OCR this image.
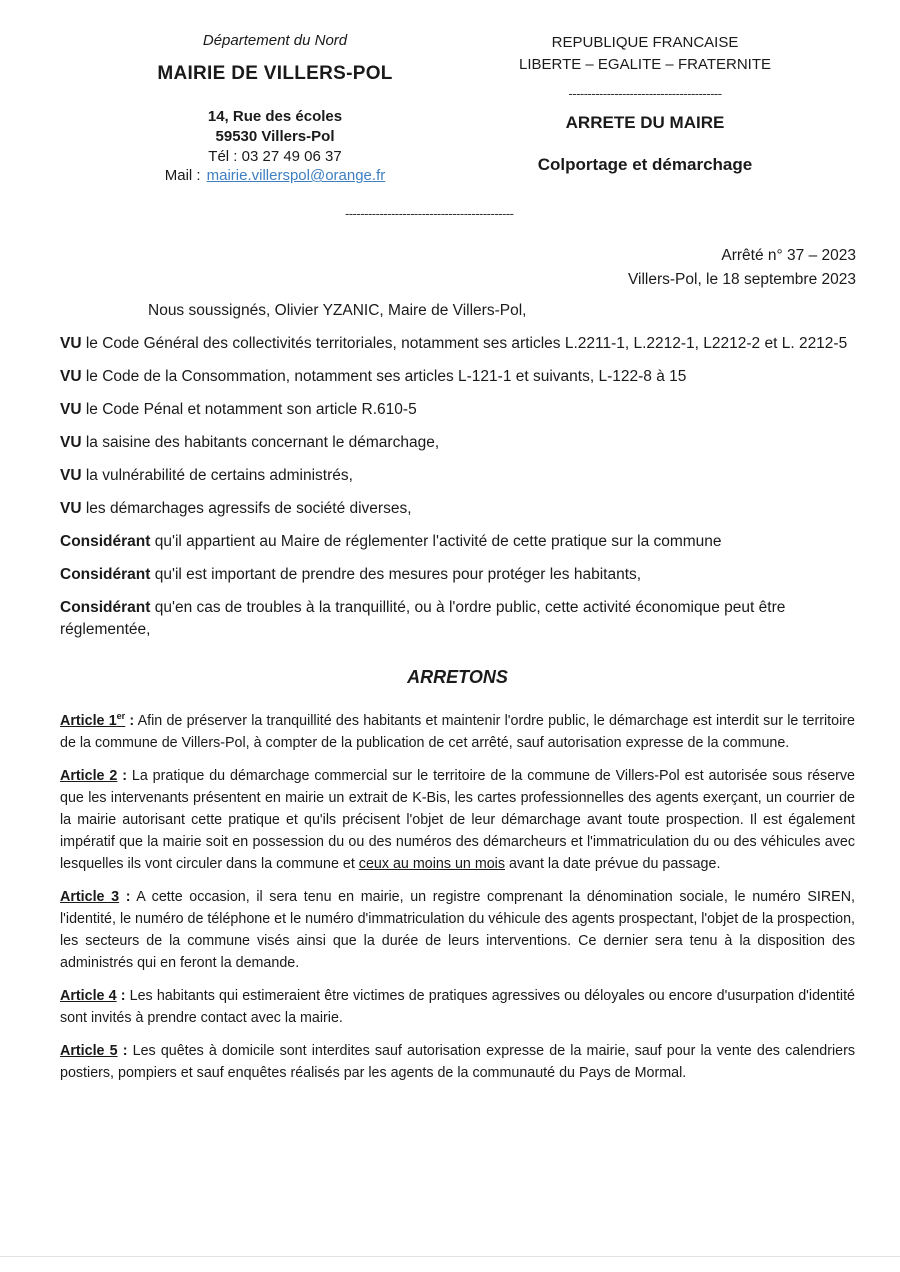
Département du Nord
MAIRIE DE VILLERS-POL
14, Rue des écoles
59530 Villers-Pol
Tél : 03 27 49 06 37
Mail : mairie.villerspol@orange.fr
REPUBLIQUE FRANCAISE
LIBERTE – EGALITE – FRATERNITE
----------------------------------------
ARRETE DU MAIRE
Colportage et démarchage
--------------------------------------------
Arrêté n° 37 – 2023
Villers-Pol, le 18 septembre 2023
Nous soussignés, Olivier YZANIC, Maire de Villers-Pol,
VU le Code Général des collectivités territoriales, notamment ses articles L.2211-1, L.2212-1, L2212-2 et L. 2212-5
VU le Code de la Consommation, notamment ses articles L-121-1 et suivants, L-122-8 à 15
VU le Code Pénal et notamment son article R.610-5
VU la saisine des habitants concernant le démarchage,
VU la vulnérabilité de certains administrés,
VU les démarchages agressifs de société diverses,
Considérant qu'il appartient au Maire de réglementer l'activité de cette pratique sur la commune
Considérant qu'il est important de prendre des mesures pour protéger les habitants,
Considérant qu'en cas de troubles à la tranquillité, ou à l'ordre public, cette activité économique peut être réglementée,
ARRETONS
Article 1er : Afin de préserver la tranquillité des habitants et maintenir l'ordre public, le démarchage est interdit sur le territoire de la commune de Villers-Pol, à compter de la publication de cet arrêté, sauf autorisation expresse de la commune.
Article 2 : La pratique du démarchage commercial sur le territoire de la commune de Villers-Pol est autorisée sous réserve que les intervenants présentent en mairie un extrait de K-Bis, les cartes professionnelles des agents exerçant, un courrier de la mairie autorisant cette pratique et qu'ils précisent l'objet de leur démarchage avant toute prospection. Il est également impératif que la mairie soit en possession du ou des numéros des démarcheurs et l'immatriculation du ou des véhicules avec lesquelles ils vont circuler dans la commune et ceux au moins un mois avant la date prévue du passage.
Article 3 : A cette occasion, il sera tenu en mairie, un registre comprenant la dénomination sociale, le numéro SIREN, l'identité, le numéro de téléphone et le numéro d'immatriculation du véhicule des agents prospectant, l'objet de la prospection, les secteurs de la commune visés ainsi que la durée de leurs interventions. Ce dernier sera tenu à la disposition des administrés qui en feront la demande.
Article 4 : Les habitants qui estimeraient être victimes de pratiques agressives ou déloyales ou encore d'usurpation d'identité sont invités à prendre contact avec la mairie.
Article 5 : Les quêtes à domicile sont interdites sauf autorisation expresse de la mairie, sauf pour la vente des calendriers postiers, pompiers et sauf enquêtes réalisés par les agents de la communauté du Pays de Mormal.
